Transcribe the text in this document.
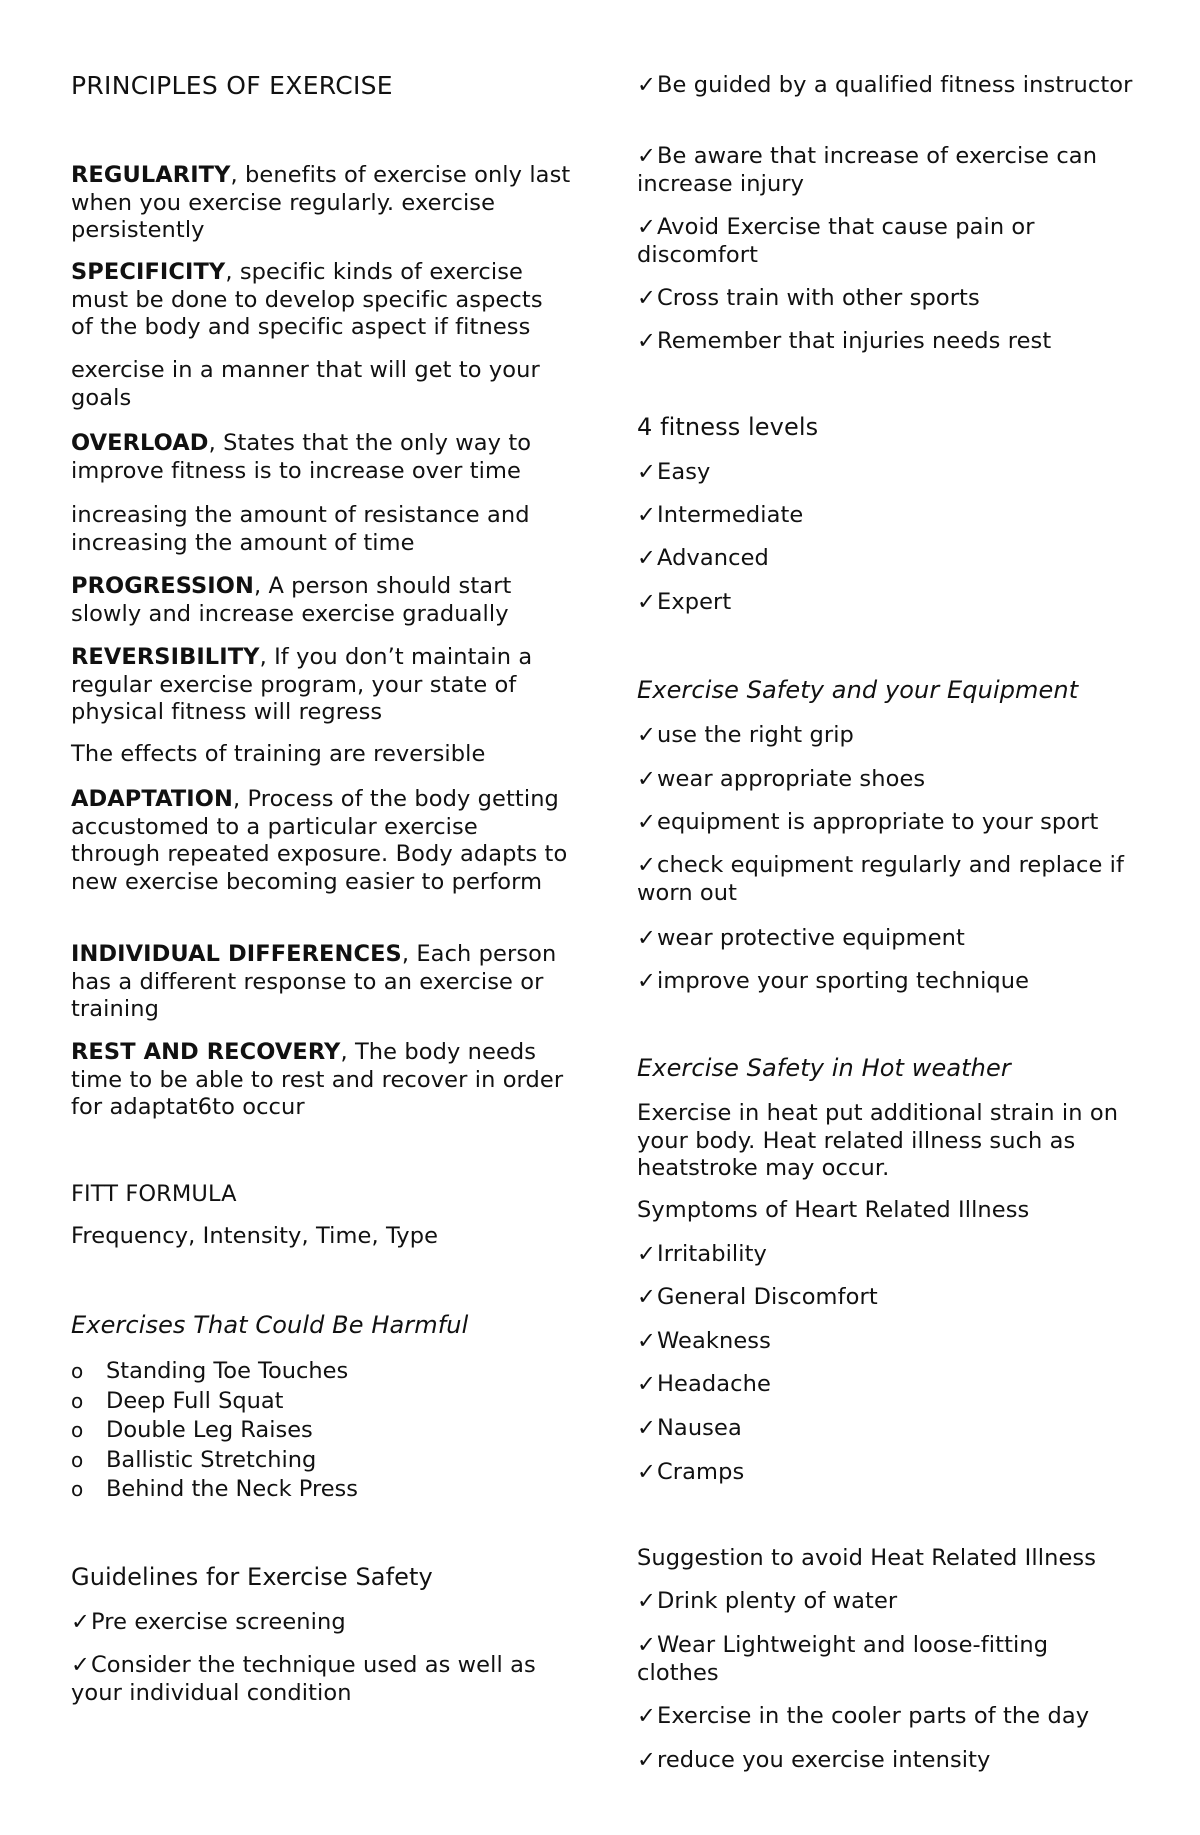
PRINCIPLES OF EXERCISE

REGULARITY, benefits of exercise only last when you exercise regularly. exercise persistently

SPECIFICITY, specific kinds of exercise must be done to develop specific aspects of the body and specific aspect if fitness

exercise in a manner that will get to your goals

OVERLOAD, States that the only way to improve fitness is to increase over time

increasing the amount of resistance and increasing the amount of time

PROGRESSION, A person should start slowly and increase exercise gradually

REVERSIBILITY, If you don’t maintain a regular exercise program, your state of physical fitness will regress

The effects of training are reversible

ADAPTATION, Process of the body getting accustomed to a particular exercise through repeated exposure. Body adapts to new exercise becoming easier to perform

INDIVIDUAL DIFFERENCES, Each person has a different response to an exercise or training

REST AND RECOVERY, The body needs time to be able to rest and recover in order for adaptat6to occur

FITT FORMULA
Frequency, Intensity, Time, Type
Exercises That Could Be Harmful
o	Standing Toe Touches
o	Deep Full Squat
o	Double Leg Raises
o	Ballistic Stretching
o	Behind the Neck Press
Guidelines for Exercise Safety

✓Pre exercise screening

✓Consider the technique used as well as your individual condition

✓Be guided by a qualified fitness instructor

✓Be aware that increase of exercise can increase injury

✓Avoid Exercise that cause pain or discomfort

✓Cross train with other sports

✓Remember that injuries needs rest

4 fitness levels

✓Easy

✓Intermediate

✓Advanced

✓Expert

Exercise Safety and your Equipment

✓use the right grip

✓wear appropriate shoes

✓equipment is appropriate to your sport

✓check equipment regularly and replace if worn out

✓wear protective equipment

✓improve your sporting technique

Exercise Safety in Hot weather

Exercise in heat put additional strain in on your body. Heat related illness such as heatstroke may occur.

Symptoms of Heart Related Illness

✓Irritability

✓General Discomfort

✓Weakness

✓Headache

✓Nausea

✓Cramps

Suggestion to avoid Heat Related Illness

✓Drink plenty of water

✓Wear Lightweight and loose-fitting clothes

✓Exercise in the cooler parts of the day

✓reduce you exercise intensity
